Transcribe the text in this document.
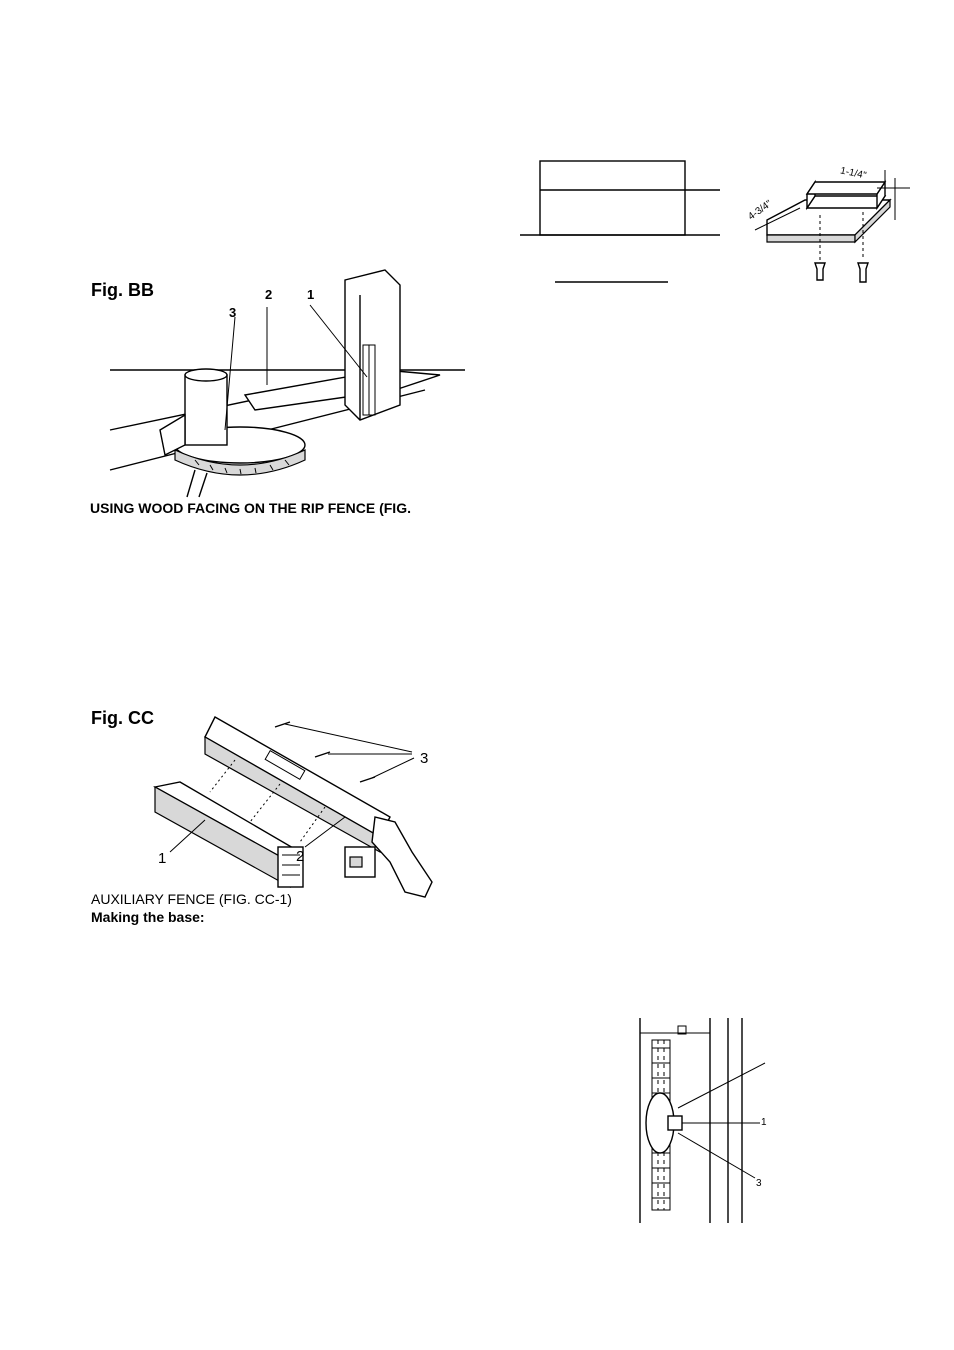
1-1/4"
4-3/4"
Fig. BB	2	1
3
USING WOOD FACING ON THE RIP FENCE (FIG.
Fig. CC
3
1	2
AUXILIARY FENCE (FIG. CC-1)
Making the base:
1
3
